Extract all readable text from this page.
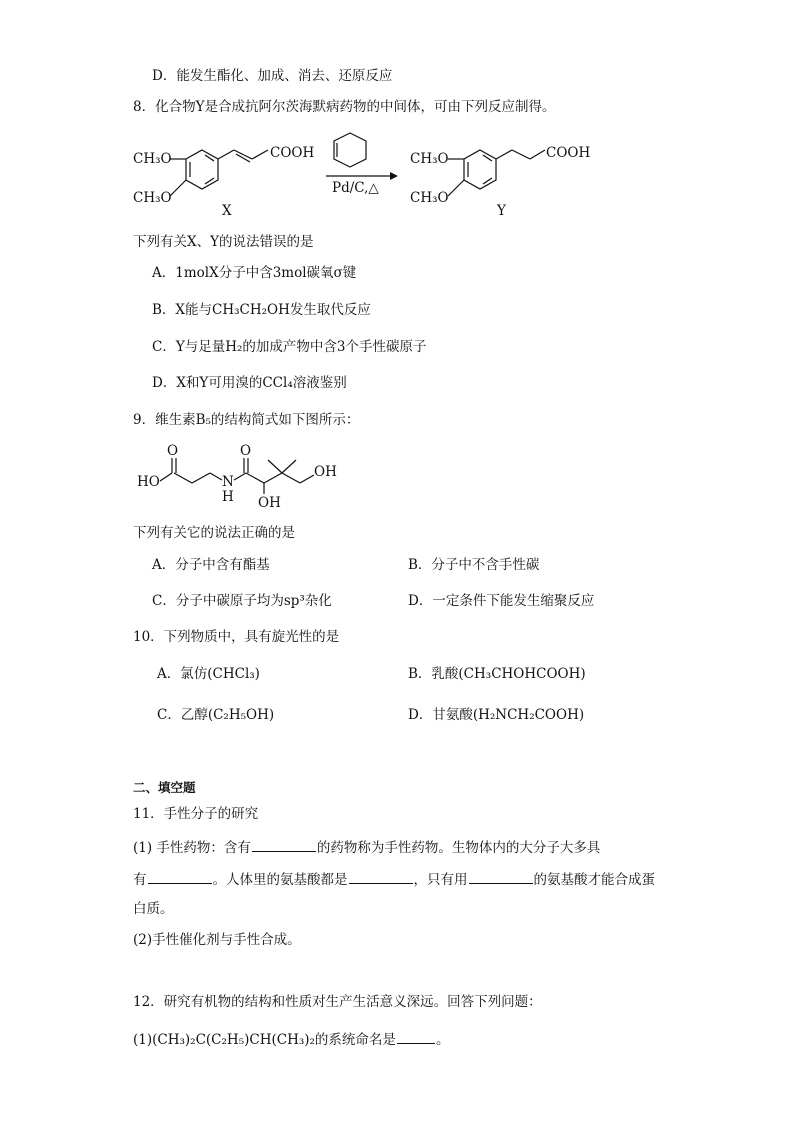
D．能发生酯化、加成、消去、还原反应
8．化合物Y是合成抗阿尔茨海默病药物的中间体，可由下列反应制得。
CH₃O
CH₃O
COOH
X
Pd/C,△
CH₃O
CH₃O
COOH
Y
下列有关X、Y的说法错误的是
A．1molX分子中含3mol碳氧σ键
B．X能与CH₃CH₂OH发生取代反应
C．Y与足量H₂的加成产物中含3个手性碳原子
D．X和Y可用溴的CCl₄溶液鉴别
9．维生素B₅的结构简式如下图所示：
O
HO	N
H
O
OH
OH
下列有关它的说法正确的是
A．分子中含有酯基	B．分子中不含手性碳
C．分子中碳原子均为sp³杂化	D．一定条件下能发生缩聚反应
10．下列物质中，具有旋光性的是
A．氯仿(CHCl₃)	B．乳酸(CH₃CHOHCOOH)
C．乙醇(C₂H₅OH)	D．甘氨酸(H₂NCH₂COOH)
二、填空题
11．手性分子的研究
(1) 手性药物：含有	的药物称为手性药物。生物体内的大分子大多具
有	。人体里的氨基酸都是	，只有用	的氨基酸才能合成蛋
白质。
(2)手性催化剂与手性合成。
12．研究有机物的结构和性质对生产生活意义深远。回答下列问题：
(1)(CH₃)₂C(C₂H₅)CH(CH₃)₂的系统命名是	。
